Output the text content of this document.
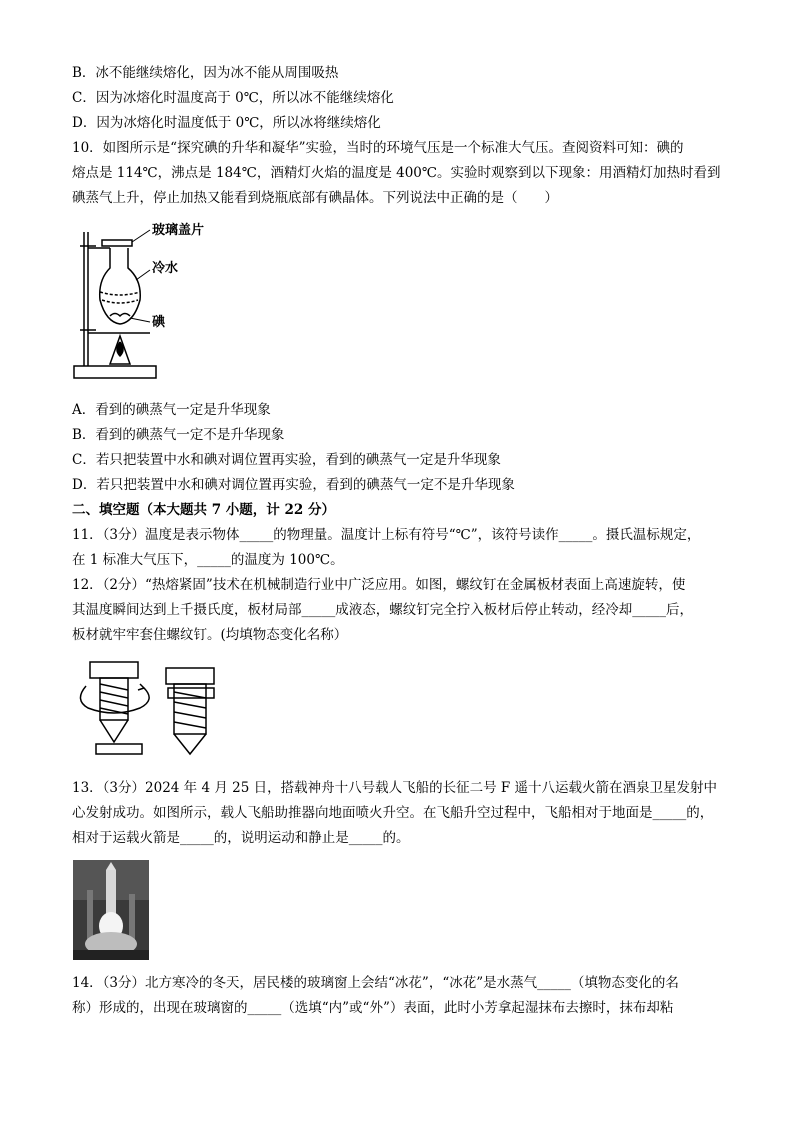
B．冰不能继续熔化，因为冰不能从周围吸热
C．因为冰熔化时温度高于 0℃，所以冰不能继续熔化
D．因为冰熔化时温度低于 0℃，所以冰将继续熔化
10．如图所示是“探究碘的升华和凝华”实验，当时的环境气压是一个标准大气压。查阅资料可知：碘的
熔点是 114℃，沸点是 184℃，酒精灯火焰的温度是 400℃。实验时观察到以下现象：用酒精灯加热时看到
碘蒸气上升，停止加热又能看到烧瓶底部有碘晶体。下列说法中正确的是（　　）
玻璃盖片
冷水
碘
A．看到的碘蒸气一定是升华现象
B．看到的碘蒸气一定不是升华现象
C．若只把装置中水和碘对调位置再实验，看到的碘蒸气一定是升华现象
D．若只把装置中水和碘对调位置再实验，看到的碘蒸气一定不是升华现象
二、填空题（本大题共 7 小题，计 22 分）
11．（3分）温度是表示物体_____的物理量。温度计上标有符号“℃”，该符号读作_____。摄氏温标规定，
在 1 标准大气压下，_____的温度为 100℃。
12．（2分）“热熔紧固”技术在机械制造行业中广泛应用。如图，螺纹钉在金属板材表面上高速旋转，使
其温度瞬间达到上千摄氏度，板材局部_____成液态，螺纹钉完全拧入板材后停止转动，经冷却_____后，
板材就牢牢套住螺纹钉。(均填物态变化名称）
13．（3分）2024 年 4 月 25 日，搭载神舟十八号载人飞船的长征二号 F 遥十八运载火箭在酒泉卫星发射中
心发射成功。如图所示，载人飞船助推器向地面喷火升空。在飞船升空过程中，飞船相对于地面是_____的，
相对于运载火箭是_____的，说明运动和静止是_____的。
14．（3分）北方寒冷的冬天，居民楼的玻璃窗上会结“冰花”，“冰花”是水蒸气_____（填物态变化的名
称）形成的，出现在玻璃窗的_____（选填“内”或“外”）表面，此时小芳拿起湿抹布去擦时，抹布却粘
